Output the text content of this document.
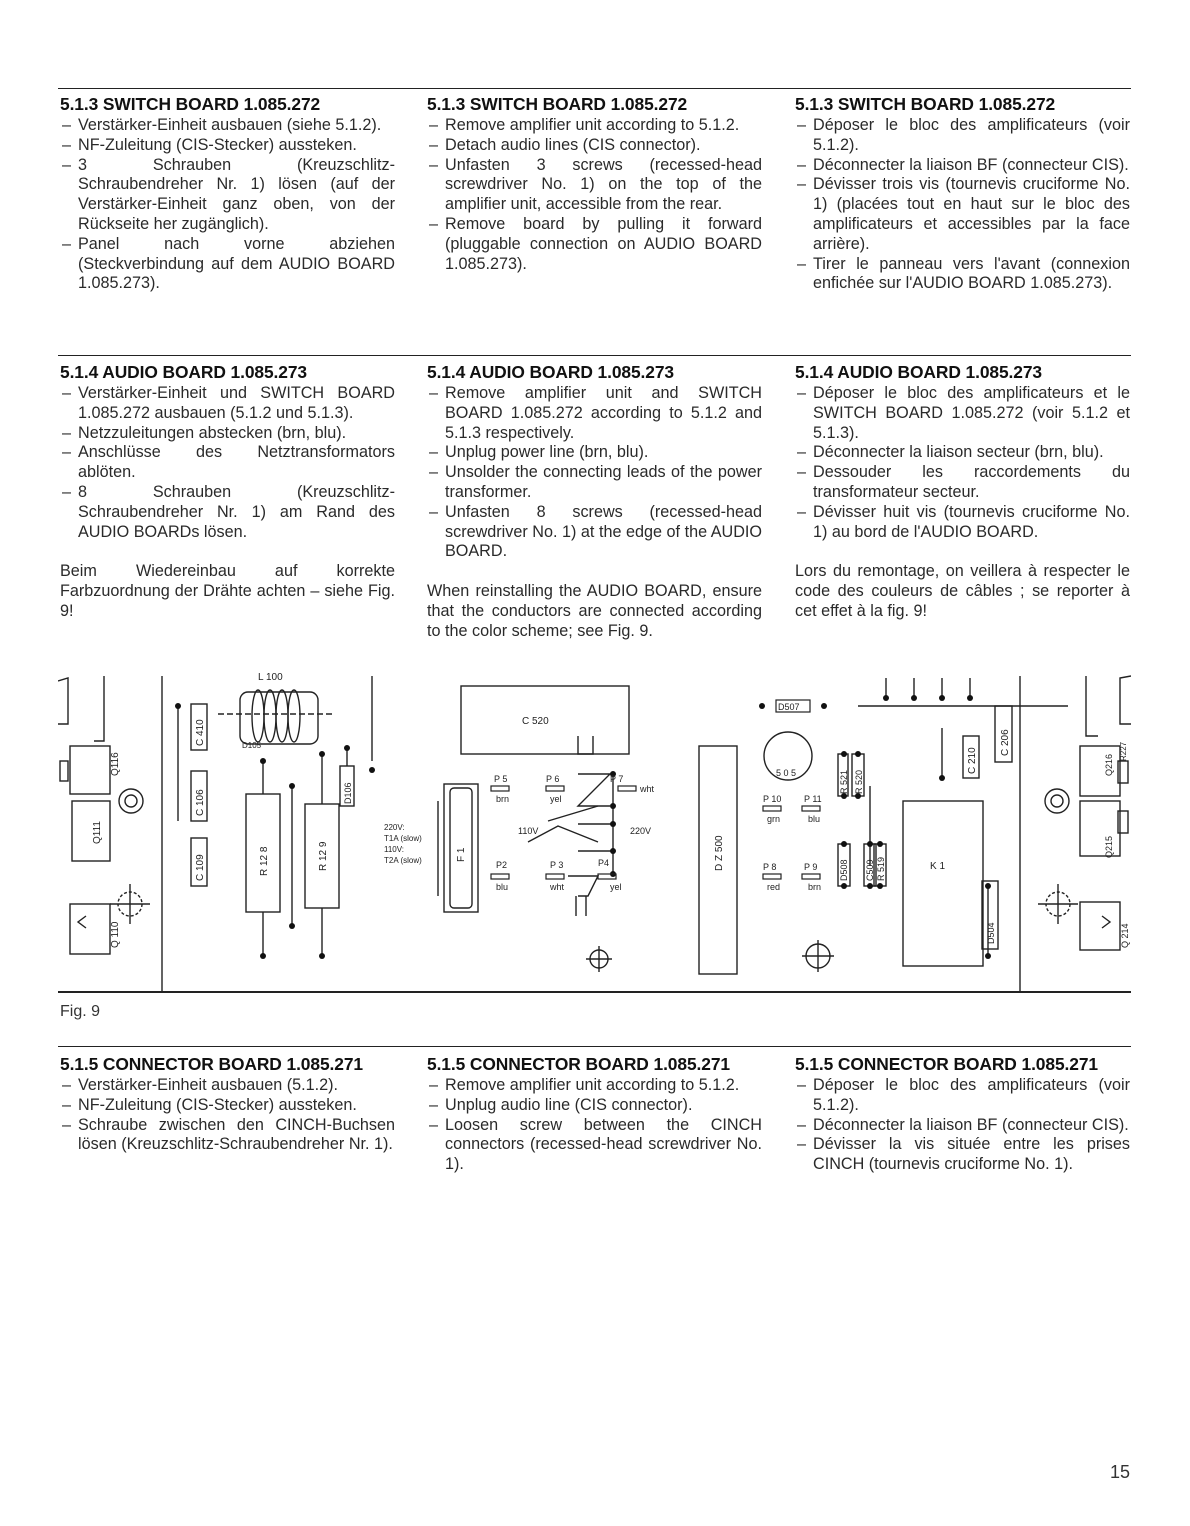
5.1.3 SWITCH BOARD 1.085.272
– Verstärker-Einheit ausbauen (siehe 5.1.2).
– NF-Zuleitung (CIS-Stecker) aussteken.
– 3 Schrauben (Kreuzschlitz-Schraubendreher Nr. 1) lösen (auf der Verstärker-Einheit ganz oben, von der Rückseite her zugänglich).
– Panel nach vorne abziehen (Steckverbindung auf dem AUDIO BOARD 1.085.273).
5.1.3 SWITCH BOARD 1.085.272
– Remove amplifier unit according to 5.1.2.
– Detach audio lines (CIS connector).
– Unfasten 3 screws (recessed-head screwdriver No. 1) on the top of the amplifier unit, accessible from the rear.
– Remove board by pulling it forward (pluggable connection on AUDIO BOARD 1.085.273).
5.1.3 SWITCH BOARD 1.085.272
– Déposer le bloc des amplificateurs (voir 5.1.2).
– Déconnecter la liaison BF (connecteur CIS).
– Dévisser trois vis (tournevis cruciforme No. 1) (placées tout en haut sur le bloc des amplificateurs et accessibles par la face arrière).
– Tirer le panneau vers l'avant (connexion enfichée sur l'AUDIO BOARD 1.085.273).
5.1.4 AUDIO BOARD 1.085.273
– Verstärker-Einheit und SWITCH BOARD 1.085.272 ausbauen (5.1.2 und 5.1.3).
– Netzzuleitungen abstecken (brn, blu).
– Anschlüsse des Netztransformators ablöten.
– 8 Schrauben (Kreuzschlitz-Schraubendreher Nr. 1) am Rand des AUDIO BOARDs lösen.

Beim Wiedereinbau auf korrekte Farbzuordnung der Drähte achten – siehe Fig. 9!

5.1.4 AUDIO BOARD 1.085.273
– Remove amplifier unit and SWITCH BOARD 1.085.272 according to 5.1.2 and 5.1.3 respectively.
– Unplug power line (brn, blu).
– Unsolder the connecting leads of the power transformer.
– Unfasten 8 screws (recessed-head screwdriver No. 1) at the edge of the AUDIO BOARD.

When reinstalling the AUDIO BOARD, ensure that the conductors are connected according to the color scheme; see Fig. 9.

5.1.4 AUDIO BOARD 1.085.273
– Déposer le bloc des amplificateurs et le SWITCH BOARD 1.085.272 (voir 5.1.2 et 5.1.3).
– Déconnecter la liaison secteur (brn, blu).
– Dessouder les raccordements du transformateur secteur.
– Dévisser huit vis (tournevis cruciforme No. 1) au bord de l'AUDIO BOARD.

Lors du remontage, on veillera à respecter le code des couleurs de câbles ; se reporter à cet effet à la fig. 9!

L 100
C 410	D105
D106
C 106
C 109	R 12 8	R 12 9
Q116
Q111
Q 110
C 520
P 5
brn
P 6
yel
P 7
wht
P2
blu
P 3
wht
P4
yel
220V
110V
220V:
T1A (slow)
110V:
T2A (slow)	F 1	D Z 500
D507
5 0 5	C 210
C 206
R 521 R 520
P 10
grn
P 11
blu
P 8
red
P 9
brn
D508 C509 R 519	K 1
D504
Q216
Q215
Q 214
R227
Fig. 9
5.1.5 CONNECTOR BOARD 1.085.271
– Verstärker-Einheit ausbauen (5.1.2).
– NF-Zuleitung (CIS-Stecker) aussteken.
– Schraube zwischen den CINCH-Buchsen lösen (Kreuzschlitz-Schraubendreher Nr. 1).
5.1.5 CONNECTOR BOARD 1.085.271
– Remove amplifier unit according to 5.1.2.
– Unplug audio line (CIS connector).
– Loosen screw between the CINCH connectors (recessed-head screwdriver No. 1).
5.1.5 CONNECTOR BOARD 1.085.271
– Déposer le bloc des amplificateurs (voir 5.1.2).
– Déconnecter la liaison BF (connecteur CIS).
– Dévisser la vis située entre les prises CINCH (tournevis cruciforme No. 1).
15
